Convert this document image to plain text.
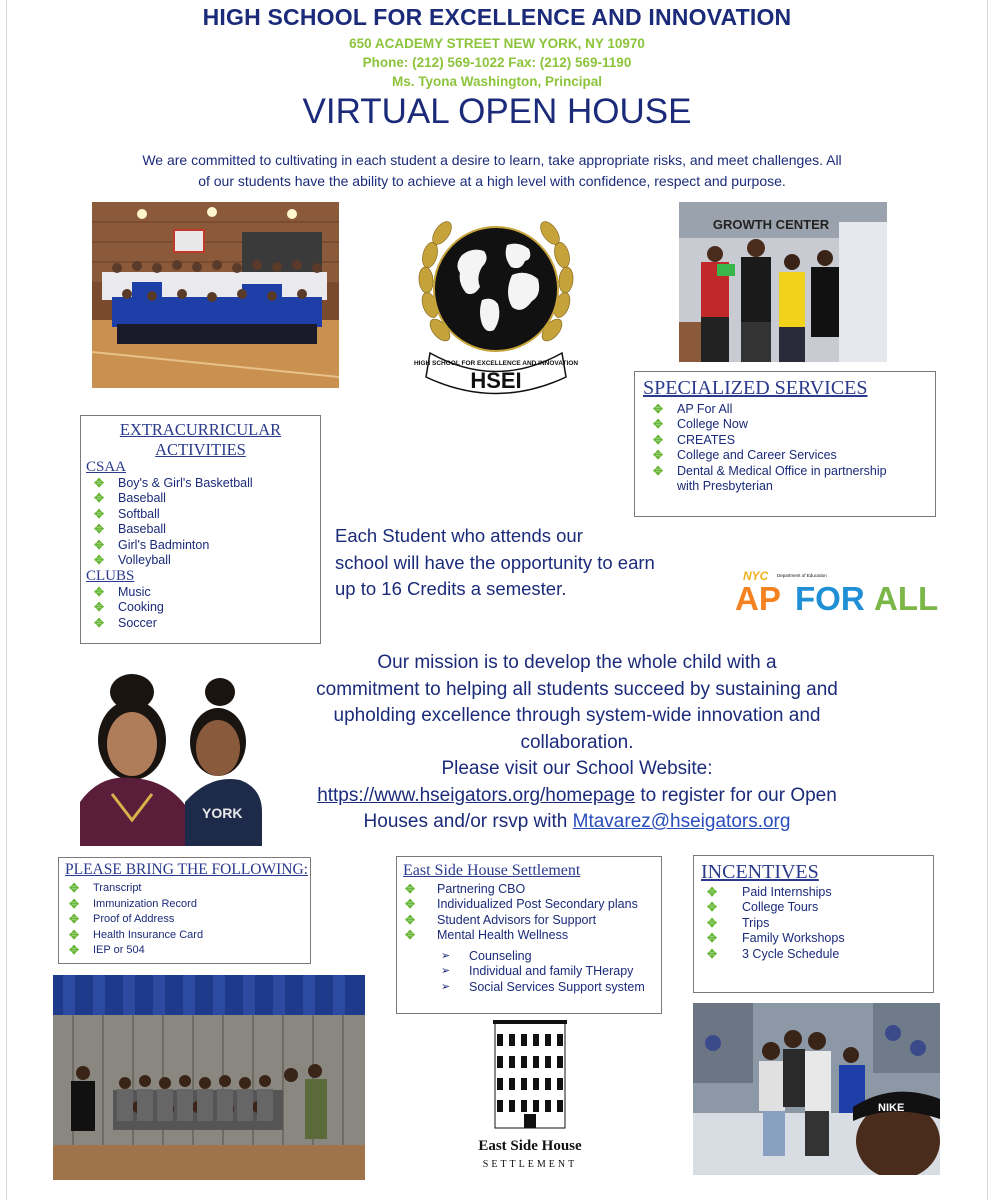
HIGH SCHOOL FOR EXCELLENCE AND INNOVATION
650 ACADEMY STREET NEW YORK, NY 10970
Phone: (212) 569-1022 Fax: (212) 569-1190
Ms. Tyona Washington, Principal
VIRTUAL OPEN HOUSE
We are committed to cultivating in each student a desire to learn, take appropriate risks, and meet challenges. All
of our students have the ability to achieve at a high level with confidence, respect and purpose.
HIGH SCHOOL FOR EXCELLENCE AND INNOVATION
HSEI
GROWTH CENTER
SPECIALIZED SERVICES
✥ AP For All
✥ College Now
✥ CREATES
✥ College and Career Services
✥ Dental & Medical Office in partnership
with Presbyterian
EXTRACURRICULAR
ACTIVITIES
CSAA
✥ Boy's & Girl's Basketball
✥ Baseball
✥ Softball
✥ Baseball
✥ Girl's Badminton
✥ Volleyball
CLUBS
✥ Music
✥ Cooking
✥ Soccer
Each Student who attends our
school will have the opportunity to earn
up to 16 Credits a semester.
NYC Department of Education
AP FOR ALL
YORK
Our mission is to develop the whole child with a
commitment to helping all students succeed by sustaining and
upholding excellence through system-wide innovation and
collaboration.
Please visit our School Website:
https://www.hseigators.org/homepage to register for our Open
Houses and/or rsvp with Mtavarez@hseigators.org
PLEASE BRING THE FOLLOWING:
✥ Transcript
✥ Immunization Record
✥ Proof of Address
✥ Health Insurance Card
✥ IEP or 504
East Side House Settlement
✥ Partnering CBO
✥ Individualized Post Secondary plans
✥ Student Advisors for Support
✥ Mental Health Wellness
➢ Counseling
➢ Individual and family THerapy
➢ Social Services Support system
INCENTIVES
✥ Paid Internships
✥ College Tours
✥ Trips
✥ Family Workshops
✥ 3 Cycle Schedule
East Side House
SETTLEMENT
NIKE
